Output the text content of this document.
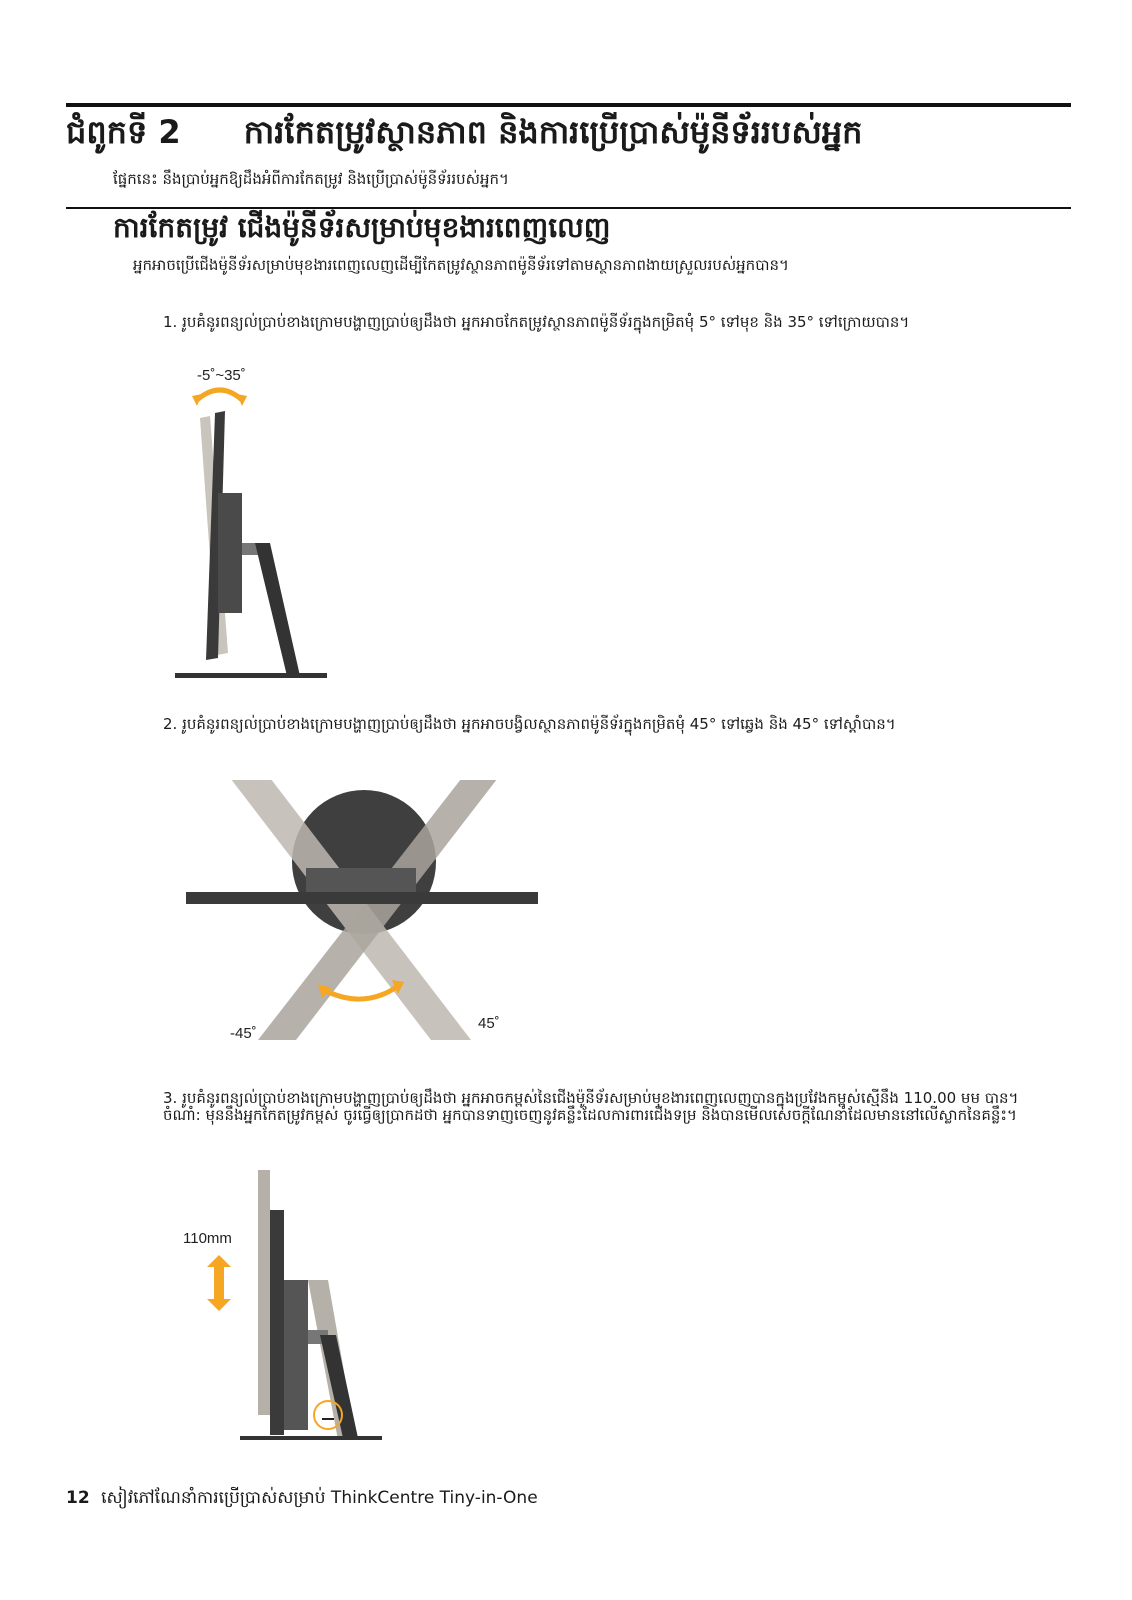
ជំពូកទី 2 ការកែតម្រូវស្ថានភាព និងការប្រើប្រាស់ម៉ូនីទ័ររបស់អ្នក
ផ្នែកនេះ នឹងប្រាប់អ្នកឱ្យដឹងអំពីការកែតម្រូវ និងប្រើប្រាស់ម៉ូនីទ័ររបស់អ្នក។
ការកែតម្រូវ ជើងម៉ូនីទ័រសម្រាប់មុខងារពេញលេញ
អ្នកអាចប្រើជើងម៉ូនីទ័រសម្រាប់មុខងារពេញលេញដើម្បីកែតម្រូវស្ថានភាពម៉ូនីទ័រទៅតាមស្ថានភាពងាយស្រួលរបស់អ្នកបាន។
1. រូបគំនូរពន្យល់ប្រាប់ខាងក្រោមបង្ហាញប្រាប់ឲ្យដឹងថា អ្នកអាចកែតម្រូវស្ថានភាពម៉ូនីទ័រក្នុងកម្រិតមុំ 5° ទៅមុខ និង 35° ទៅក្រោយបាន។
-5˚~35˚
2. រូបគំនូរពន្យល់ប្រាប់ខាងក្រោមបង្ហាញប្រាប់ឲ្យដឹងថា អ្នកអាចបង្វិលស្ថានភាពម៉ូនីទ័រក្នុងកម្រិតមុំ 45° ទៅឆ្វេង និង 45° ទៅស្តាំបាន។
-45˚
45˚
3. រូបគំនូរពន្យល់ប្រាប់ខាងក្រោមបង្ហាញប្រាប់ឲ្យដឹងថា អ្នកអាចកម្ពស់នៃជើងម៉ូនីទ័រសម្រាប់មុខងារពេញលេញបានក្នុងប្រវែងកម្ពស់ស្មើនឹង 110.00 មម បាន។
ចំណាំ: មុននឹងអ្នកកែតម្រូវកម្ពស់ ចូរធ្វើឲ្យប្រាកដថា អ្នកបានទាញចេញនូវគន្លឹះដែលការពារជើងទម្រ និងបានមើលសេចក្តីណែនាំដែលមាននៅលើស្លាកនៃគន្លឹះ។
110mm
12 សៀវភៅណែនាំការប្រើប្រាស់សម្រាប់ ThinkCentre Tiny-in-One
